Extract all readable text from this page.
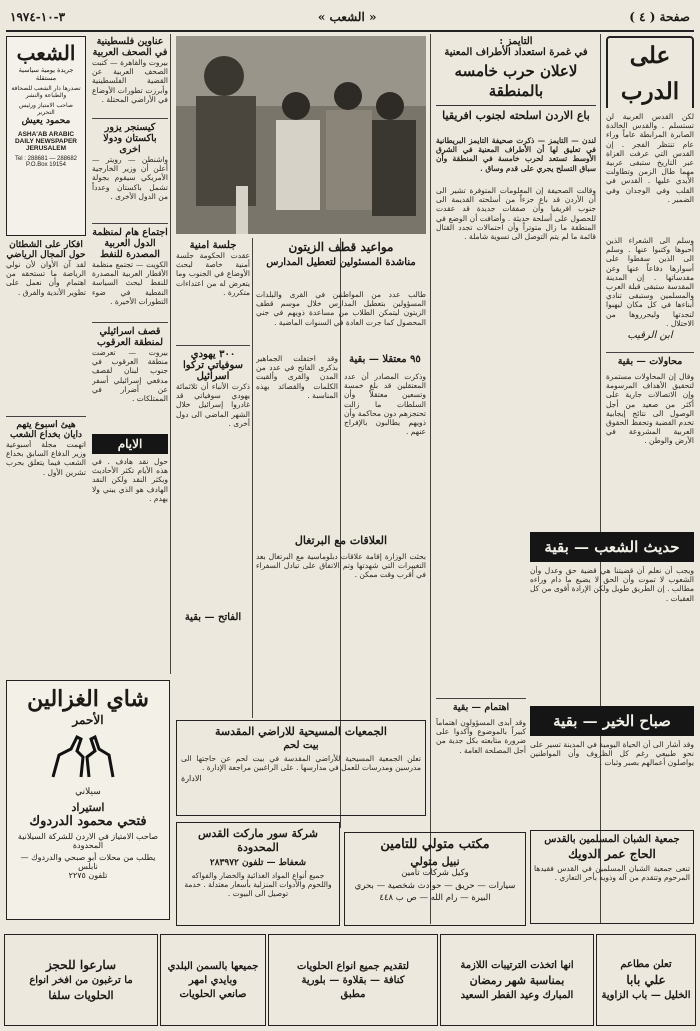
صفحة ( ٤ )
« الشعب »
٣-١٠-١٩٧٤
على الدرب
لكن القدس العربية لن تستسلم . والقدس الخالدة الصابرة المرابطة عاماً وراء عام تنتظر الفجر . إن القدس التي عرفت الغزاة عبر التاريخ ستبقى عربية مهما طال الزمن وتطاولت الأيدي عليها . القدس في القلب وفي الوجدان وفي الضمير .
وسلم الى الشعراء الذين أحبوها وكتبوا عنها . وسلم الى الذين سقطوا على أسوارها دفاعاً عنها وعن مقدساتها . إن المدينة المقدسة ستبقى قبلة العرب والمسلمين وستبقى تنادي أبناءها في كل مكان ليهبوا لنجدتها وليحرروها من الاحتلال .
ابن الرقيب
محاولات — بقية
وقال إن المحاولات مستمرة لتحقيق الأهداف المرسومة وإن الاتصالات جارية على أكثر من صعيد من أجل الوصول الى نتائج إيجابية تخدم القضية وتحفظ الحقوق العربية المشروعة في الأرض والوطن .
حديث الشعب — بقية
ويجب أن نعلم أن قضيتنا هي قضية حق وعدل وأن الشعوب لا تموت وأن الحق لا يضيع ما دام وراءه مطالب . إن الطريق طويل ولكن الإرادة أقوى من كل العقبات .
صباح الخير — بقية
وقد أشار الى أن الحياة اليومية في المدينة تسير على نحو طبيعي رغم كل الظروف وأن المواطنين يواصلون أعمالهم بصبر وثبات .
جمعية الشبان المسلمين بالقدس
الحاج عمر الدويك
تنعى جمعية الشبان المسلمين في القدس فقيدها المرحوم وتتقدم من آله وذويه بأحر التعازي .
التايمز :
في غمرة استعداد الأطراف المعنية
لاعلان حرب خامسه بالمنطقة
باع الاردن اسلحته لجنوب افريقيا
لندن — التايمز — ذكرت صحيفة التايمز البريطانية في تعليق لها أن الأطراف المعنية في الشرق الأوسط تستعد لحرب خامسة في المنطقة وأن سباق التسلح يجري على قدم وساق .
وقالت الصحيفة إن المعلومات المتوفرة تشير الى أن الأردن قد باع جزءاً من أسلحته القديمة الى جنوب افريقيا وأن صفقات جديدة قد عقدت للحصول على أسلحة حديثة . وأضافت أن الوضع في المنطقة ما زال متوتراً وأن احتمالات تجدد القتال قائمة ما لم يتم التوصل الى تسوية شاملة .
اهتمام — بقية
وقد أبدى المسؤولون اهتماماً كبيراً بالموضوع وأكدوا على ضرورة متابعته بكل جدية من أجل المصلحة العامة .
مواعيد قطف الزيتون
مناشدة المسئولين لتعطيل المدارس
طالب عدد من المواطنين في القرى والبلدات المسؤولين بتعطيل المدارس خلال موسم قطف الزيتون ليتمكن الطلاب من مساعدة ذويهم في جني المحصول كما جرت العادة في السنوات الماضية .
٩٥ معتقلا — بقية
وذكرت المصادر أن عدد المعتقلين قد بلغ خمسة وتسعين معتقلاً وأن السلطات ما زالت تحتجزهم دون محاكمة وأن ذويهم يطالبون بالإفراج عنهم .
وقد احتفلت الجماهير بذكرى الفاتح في عدد من المدن والقرى وألقيت الكلمات والقصائد بهذه المناسبة .
العلاقات مع البرتغال
بحثت الوزارة إقامة علاقات دبلوماسية مع البرتغال بعد التغييرات التي شهدتها وتم الاتفاق على تبادل السفراء في أقرب وقت ممكن .
الفاتح — بقية
الجمعيات المسيحية للاراضي المقدسة
بيت لحم
تعلن الجمعية المسيحية للأراضي المقدسة في بيت لحم عن حاجتها الى مدرسين ومدرسات للعمل في مدارسها . على الراغبين مراجعة الإدارة .
الادارة
عناوين فلسطينية في الصحف العربية
بيروت والقاهرة — كتبت الصحف العربية عن القضية الفلسطينية وأبرزت تطورات الأوضاع في الأراضي المحتلة .
كيسنجر يزور باكستان ودولا اخرى
واشنطن — رويتر — أعلن أن وزير الخارجية الأمريكي سيقوم بجولة تشمل باكستان وعدداً من الدول الأخرى .
اجتماع هام لمنظمة الدول العربية المصدرة للنفط
الكويت — تجتمع منظمة الأقطار العربية المصدرة للنفط لبحث السياسة النفطية في ضوء التطورات الأخيرة .
قصف اسرائيلي لمنطقة العرقوب
بيروت — تعرضت منطقة العرقوب في جنوب لبنان لقصف مدفعي إسرائيلي أسفر عن أضرار في الممتلكات .
الايام
حول نقد هادف . في هذه الأيام تكثر الأحاديث ويكثر النقد ولكن النقد الهادف هو الذي يبني ولا يهدم .
جلسة امنية
عقدت الحكومة جلسة أمنية خاصة لبحث الأوضاع في الجنوب وما يتعرض له من اعتداءات متكررة .
٣٠٠ يهودي سوفياتي تركوا اسرائيل
ذكرت الأنباء أن ثلاثمائة يهودي سوفياتي قد غادروا إسرائيل خلال الشهر الماضي الى دول أخرى .
الشعب
جريدة يومية سياسية مستقلة
تصدرها دار الشعب للصحافة والطباعة والنشر
صاحب الامتياز ورئيس التحرير
محمود يعيش
ASHA'AB ARABIC DAILY NEWSPAPER JERUSALEM
Tel : 288681 — 288682
P.O.Box 19154
افكار على الشطئان حول المجال الرياضي
لقد آن الأوان لأن نولي الرياضة ما تستحقه من اهتمام وأن نعمل على تطوير الأندية والفرق .
هيئ اسبوع يتهم دايان بخداع الشعب
اتهمت مجلة أسبوعية وزير الدفاع السابق بخداع الشعب فيما يتعلق بحرب تشرين الأول .
شاي الغزالين
الأحمر
سيلاني
استيراد
فتحي محمود الدردوك
صاحب الامتياز في الاردن للشركة السيلانية المحدودة
يطلب من محلات أبو صبحي والدردوك — نابلس
تلفون ٢٢٧٥
شركة سور ماركت القدس المحدودة
شعفاط — تلفون ٢٨٣٩٧٢
جميع أنواع المواد الغذائية والخضار والفواكه واللحوم والأدوات المنزلية بأسعار معتدلة . خدمة توصيل الى البيوت .
مكتب متولي للتامين
نبيل متولي
وكيل شركات تأمين
سيارات — حريق — حوادث شخصية — بحري
البيرة — رام الله — ص ب ٤٤٨
تعلن مطاعم
علي بابا
الخليل — باب الزاوية
انها اتخذت الترتيبات اللازمة
بمناسبة شهر رمضان
المبارك وعيد الفطر السعيد
لتقديم جميع انواع الحلويات
كنافة — بقلاوة — بلورية
مطبق
جميعها بالسمن البلدي
وبايدي امهر
صانعي الحلويات
سارعوا للحجز
ما ترغبون من افخر انواع
الحلويات سلفا
